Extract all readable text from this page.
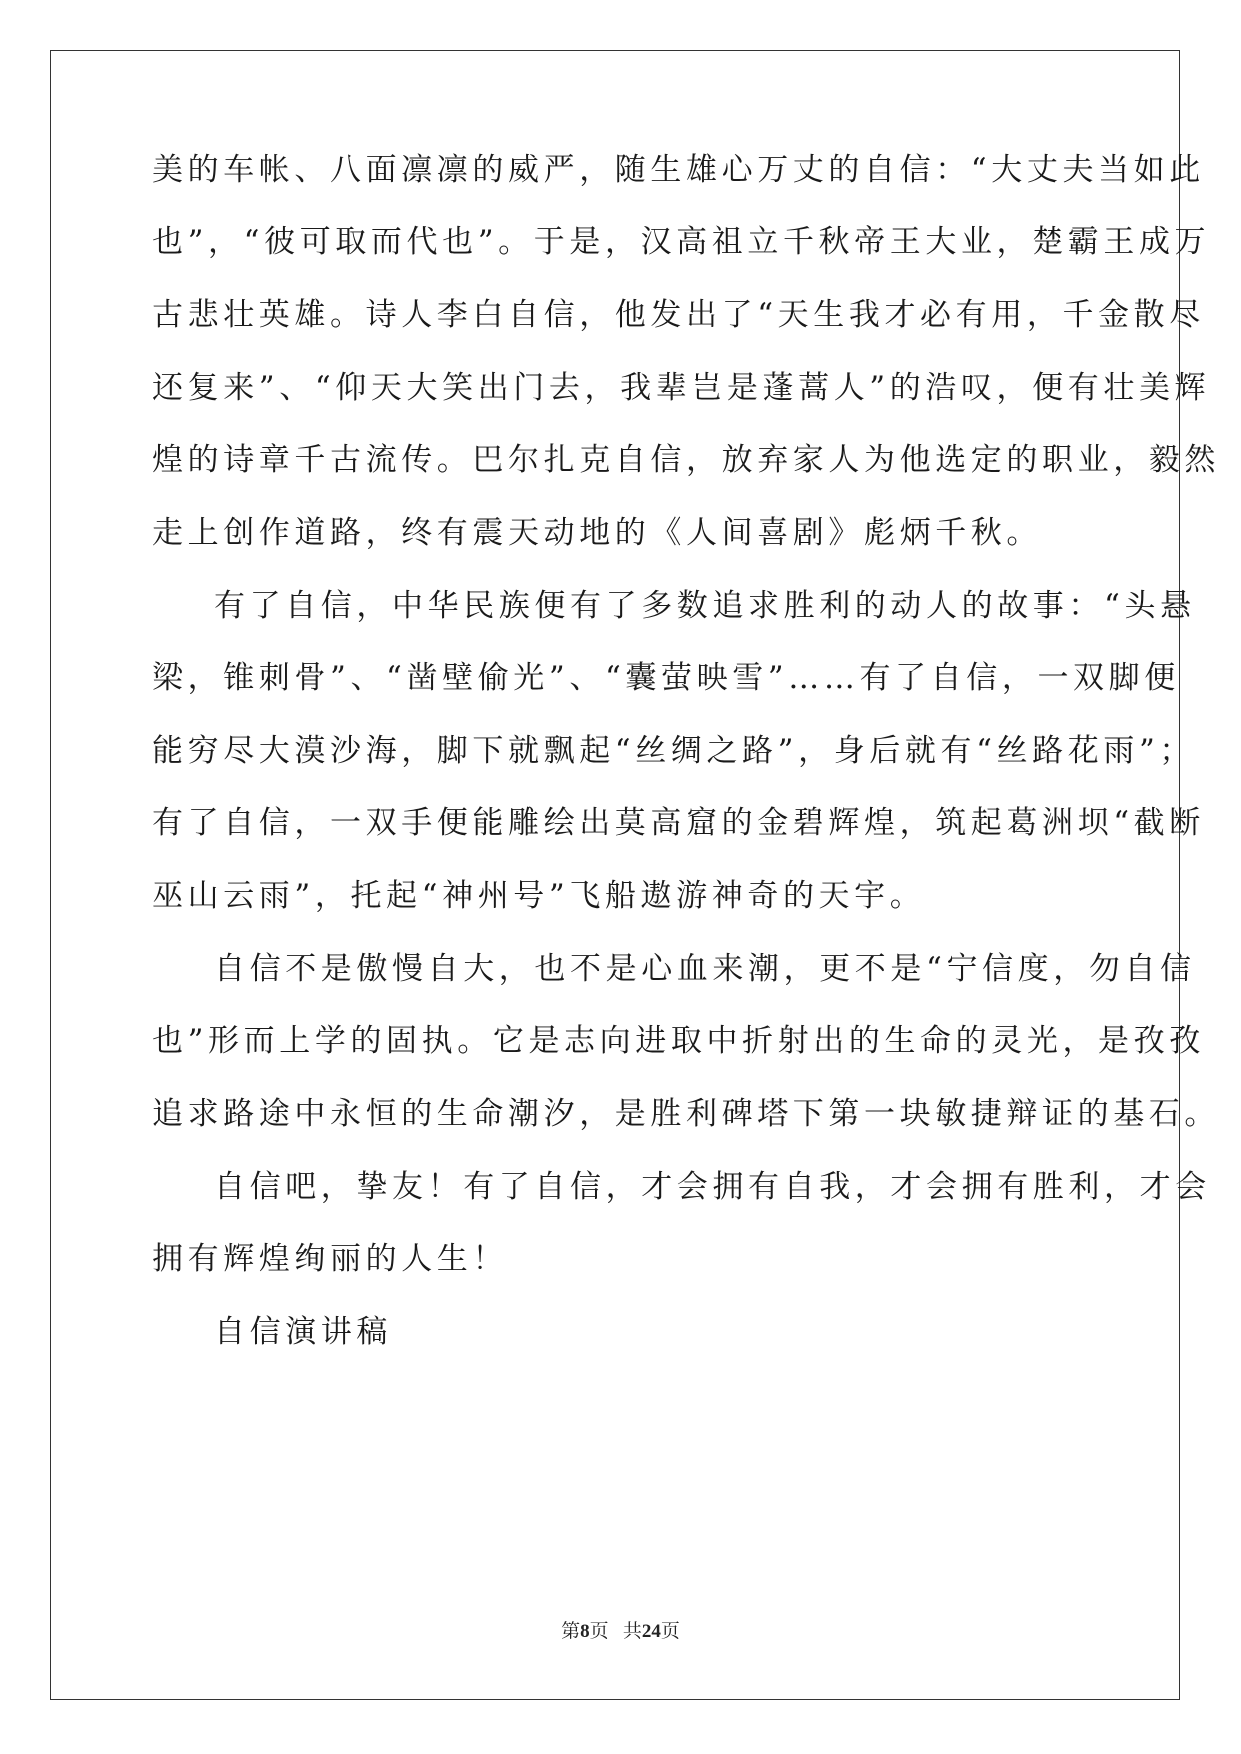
美的车帐、八面凛凛的威严，随生雄心万丈的自信：“大丈夫当如此
也”，“彼可取而代也”。于是，汉高祖立千秋帝王大业，楚霸王成万
古悲壮英雄。诗人李白自信，他发出了“天生我才必有用，千金散尽
还复来”、“仰天大笑出门去，我辈岂是蓬蒿人”的浩叹，便有壮美辉
煌的诗章千古流传。巴尔扎克自信，放弃家人为他选定的职业，毅然
走上创作道路，终有震天动地的《人间喜剧》彪炳千秋。
有了自信，中华民族便有了多数追求胜利的动人的故事：“头悬
梁，锥刺骨”、“凿壁偷光”、“囊萤映雪”……有了自信，一双脚便
能穷尽大漠沙海，脚下就飘起“丝绸之路”，身后就有“丝路花雨”；
有了自信，一双手便能雕绘出莫高窟的金碧辉煌，筑起葛洲坝“截断
巫山云雨”，托起“神州号”飞船遨游神奇的天宇。
自信不是傲慢自大，也不是心血来潮，更不是“宁信度，勿自信
也”形而上学的固执。它是志向进取中折射出的生命的灵光，是孜孜
追求路途中永恒的生命潮汐，是胜利碑塔下第一块敏捷辩证的基石。
自信吧，挚友！有了自信，才会拥有自我，才会拥有胜利，才会
拥有辉煌绚丽的人生！
自信演讲稿
第8页 共24页
